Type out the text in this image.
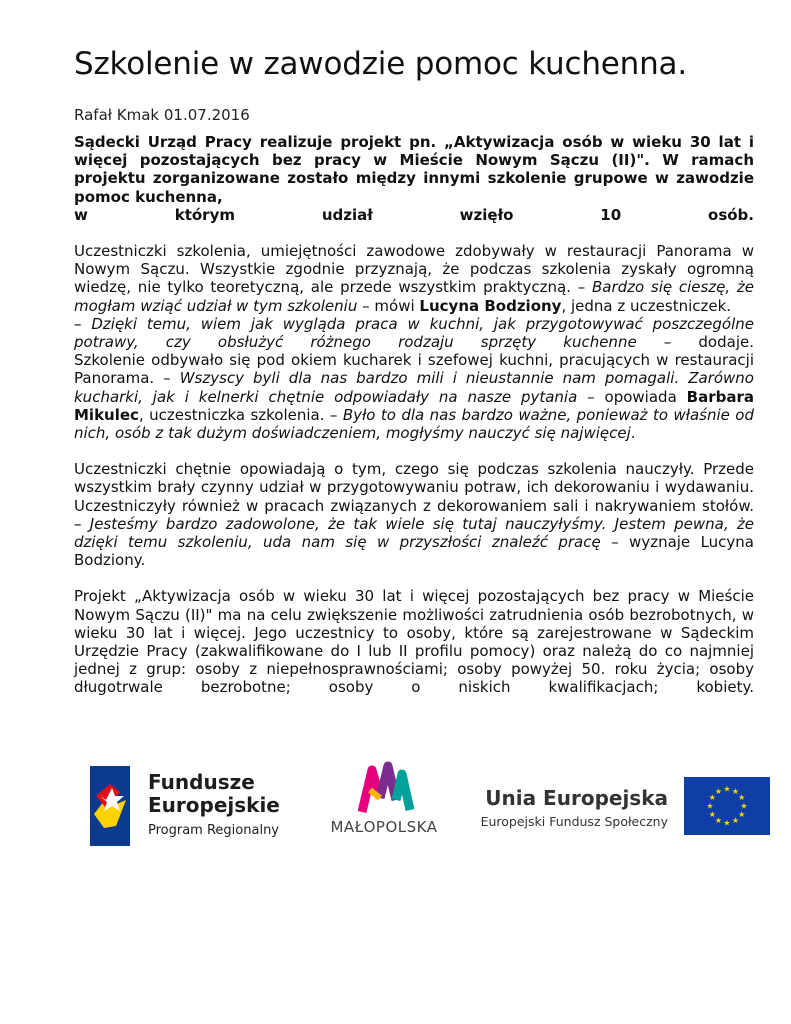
Szkolenie w zawodzie pomoc kuchenna.
Rafał Kmak 01.07.2016

Sądecki Urząd Pracy realizuje projekt pn. „Aktywizacja osób w wieku 30 lat i więcej pozostających bez pracy w Mieście Nowym Sączu (II)". W ramach projektu zorganizowane zostało między innymi szkolenie grupowe w zawodzie pomoc kuchenna,
w którym udział wzięło 10 osób.

Uczestniczki szkolenia, umiejętności zawodowe zdobywały w restauracji Panorama w Nowym Sączu. Wszystkie zgodnie przyznają, że podczas szkolenia zyskały ogromną wiedzę, nie tylko teoretyczną, ale przede wszystkim praktyczną. – Bardzo się cieszę, że mogłam wziąć udział w tym szkoleniu – mówi Lucyna Bodziony, jedna z uczestniczek.
– Dzięki temu, wiem jak wygląda praca w kuchni, jak przygotowywać poszczególne potrawy, czy obsłużyć różnego rodzaju sprzęty kuchenne – dodaje.
Szkolenie odbywało się pod okiem kucharek i szefowej kuchni, pracujących w restauracji Panorama. – Wszyscy byli dla nas bardzo mili i nieustannie nam pomagali. Zarówno kucharki, jak i kelnerki chętnie odpowiadały na nasze pytania – opowiada Barbara Mikulec, uczestniczka szkolenia. – Było to dla nas bardzo ważne, ponieważ to właśnie od nich, osób z tak dużym doświadczeniem, mogłyśmy nauczyć się najwięcej.

Uczestniczki chętnie opowiadają o tym, czego się podczas szkolenia nauczyły. Przede wszystkim brały czynny udział w przygotowywaniu potraw, ich dekorowaniu i wydawaniu. Uczestniczyły również w pracach związanych z dekorowaniem sali i nakrywaniem stołów.
– Jesteśmy bardzo zadowolone, że tak wiele się tutaj nauczyłyśmy. Jestem pewna, że dzięki temu szkoleniu, uda nam się w przyszłości znaleźć pracę – wyznaje Lucyna Bodziony.

Projekt „Aktywizacja osób w wieku 30 lat i więcej pozostających bez pracy w Mieście Nowym Sączu (II)" ma na celu zwiększenie możliwości zatrudnienia osób bezrobotnych, w wieku 30 lat i więcej. Jego uczestnicy to osoby, które są zarejestrowane w Sądeckim Urzędzie Pracy (zakwalifikowane do I lub II profilu pomocy) oraz należą do co najmniej jednej z grup: osoby z niepełnosprawnościami; osoby powyżej 50. roku życia; osoby długotrwale bezrobotne; osoby o niskich kwalifikacjach; kobiety.

Fundusze
Europejskie
Program Regionalny	MAŁOPOLSKA
Unia Europejska
Europejski Fundusz Społeczny
★ ★
★
★
★
★
★
★
★
★
★
★
